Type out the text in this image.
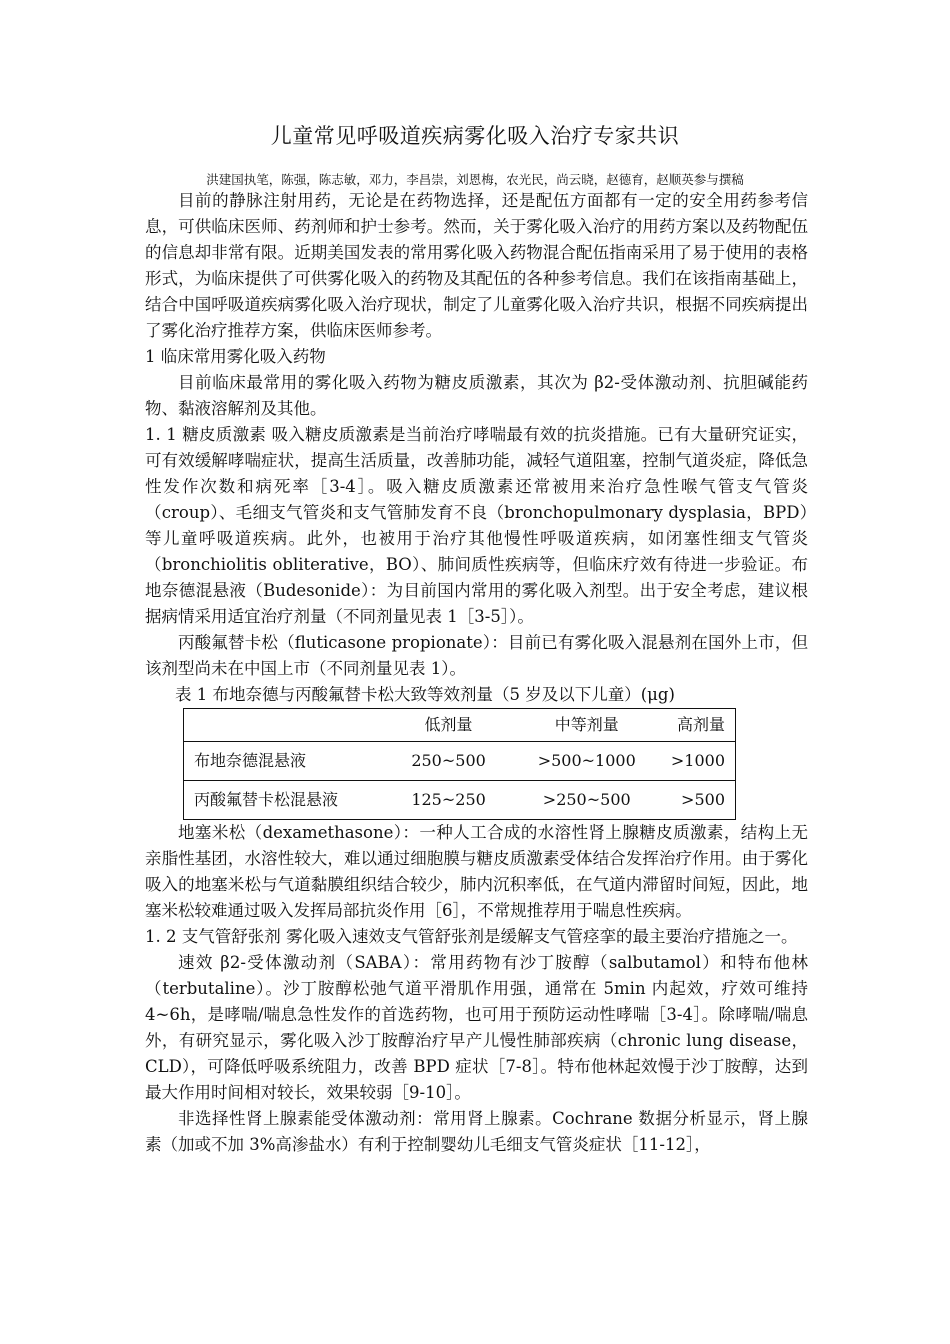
儿童常见呼吸道疾病雾化吸入治疗专家共识
洪建国执笔，陈强，陈志敏，邓力，李昌崇，刘恩梅，农光民，尚云晓，赵德育，赵顺英参与撰稿

目前的静脉注射用药，无论是在药物选择，还是配伍方面都有一定的安全用药参考信息，可供临床医师、药剂师和护士参考。然而，关于雾化吸入治疗的用药方案以及药物配伍的信息却非常有限。近期美国发表的常用雾化吸入药物混合配伍指南采用了易于使用的表格形式，为临床提供了可供雾化吸入的药物及其配伍的各种参考信息。我们在该指南基础上，结合中国呼吸道疾病雾化吸入治疗现状，制定了儿童雾化吸入治疗共识，根据不同疾病提出了雾化治疗推荐方案，供临床医师参考。

1 临床常用雾化吸入药物

目前临床最常用的雾化吸入药物为糖皮质激素，其次为 β2-受体激动剂、抗胆碱能药物、黏液溶解剂及其他。

1. 1 糖皮质激素 吸入糖皮质激素是当前治疗哮喘最有效的抗炎措施。已有大量研究证实，可有效缓解哮喘症状，提高生活质量，改善肺功能，减轻气道阻塞，控制气道炎症，降低急性发作次数和病死率［3-4］。吸入糖皮质激素还常被用来治疗急性喉气管支气管炎（croup）、毛细支气管炎和支气管肺发育不良（bronchopulmonary dysplasia，BPD）等儿童呼吸道疾病。此外，也被用于治疗其他慢性呼吸道疾病，如闭塞性细支气管炎（bronchiolitis obliterative，BO）、肺间质性疾病等，但临床疗效有待进一步验证。布地奈德混悬液（Budesonide）：为目前国内常用的雾化吸入剂型。出于安全考虑，建议根据病情采用适宜治疗剂量（不同剂量见表 1［3-5］）。

丙酸氟替卡松（fluticasone propionate）：目前已有雾化吸入混悬剂在国外上市，但该剂型尚未在中国上市（不同剂量见表 1）。

表 1 布地奈德与丙酸氟替卡松大致等效剂量（5 岁及以下儿童）(μg)

	低剂量	中等剂量	高剂量
布地奈德混悬液	250~500	>500~1000	>1000
丙酸氟替卡松混悬液	125~250	>250~500	>500

地塞米松（dexamethasone）：一种人工合成的水溶性肾上腺糖皮质激素，结构上无亲脂性基团，水溶性较大，难以通过细胞膜与糖皮质激素受体结合发挥治疗作用。由于雾化吸入的地塞米松与气道黏膜组织结合较少，肺内沉积率低，在气道内滞留时间短，因此，地塞米松较难通过吸入发挥局部抗炎作用［6］，不常规推荐用于喘息性疾病。

1. 2 支气管舒张剂 雾化吸入速效支气管舒张剂是缓解支气管痉挛的最主要治疗措施之一。

速效 β2-受体激动剂（SABA）：常用药物有沙丁胺醇（salbutamol）和特布他林（terbutaline）。沙丁胺醇松弛气道平滑肌作用强，通常在 5min 内起效，疗效可维持 4~6h，是哮喘/喘息急性发作的首选药物，也可用于预防运动性哮喘［3-4］。除哮喘/喘息外，有研究显示，雾化吸入沙丁胺醇治疗早产儿慢性肺部疾病（chronic lung disease，CLD），可降低呼吸系统阻力，改善 BPD 症状［7-8］。特布他林起效慢于沙丁胺醇，达到最大作用时间相对较长，效果较弱［9-10］。

非选择性肾上腺素能受体激动剂：常用肾上腺素。Cochrane 数据分析显示，肾上腺素（加或不加 3%高渗盐水）有利于控制婴幼儿毛细支气管炎症状［11-12］，
